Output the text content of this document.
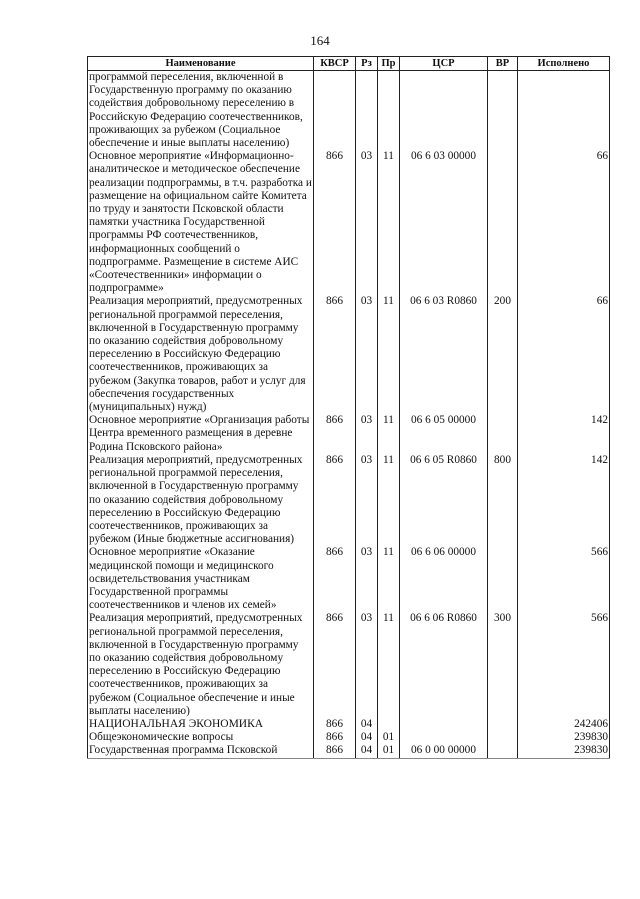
164
Наименование	КВСР	Рз	Пр	ЦСР	ВР	Исполнено
программой переселения, включенной в Государственную программу по оказанию содействия добровольному переселению в Российскую Федерацию соотечественников, проживающих за рубежом (Социальное обеспечение и иные выплаты населению)						
Основное мероприятие «Информационно-аналитическое и методическое обеспечение реализации подпрограммы, в т.ч. разработка и размещение на официальном сайте Комитета по труду и занятости Псковской области памятки участника Государственной программы РФ соотечественников, информационных сообщений о подпрограмме. Размещение в системе АИС «Соотечественники» информации о подпрограмме»	866	03	11	06 6 03 00000		66
Реализация мероприятий, предусмотренных региональной программой переселения, включенной в Государственную программу по оказанию содействия добровольному переселению в Российскую Федерацию соотечественников, проживающих за рубежом (Закупка товаров, работ и услуг для обеспечения государственных (муниципальных) нужд)	866	03	11	06 6 03 R0860	200	66
Основное мероприятие «Организация работы Центра временного размещения в деревне Родина Псковского района»	866	03	11	06 6 05 00000		142
Реализация мероприятий, предусмотренных региональной программой переселения, включенной в Государственную программу по оказанию содействия добровольному переселению в Российскую Федерацию соотечественников, проживающих за рубежом (Иные бюджетные ассигнования)	866	03	11	06 6 05 R0860	800	142
Основное мероприятие «Оказание медицинской помощи и медицинского освидетельствования участникам Государственной программы соотечественников и членов их семей»	866	03	11	06 6 06 00000		566
Реализация мероприятий, предусмотренных региональной программой переселения, включенной в Государственную программу по оказанию содействия добровольному переселению в Российскую Федерацию соотечественников, проживающих за рубежом (Социальное обеспечение и иные выплаты населению)	866	03	11	06 6 06 R0860	300	566
НАЦИОНАЛЬНАЯ ЭКОНОМИКА	866	04				242406
Общеэкономические вопросы	866	04	01			239830
Государственная программа Псковской	866	04	01	06 0 00 00000		239830
